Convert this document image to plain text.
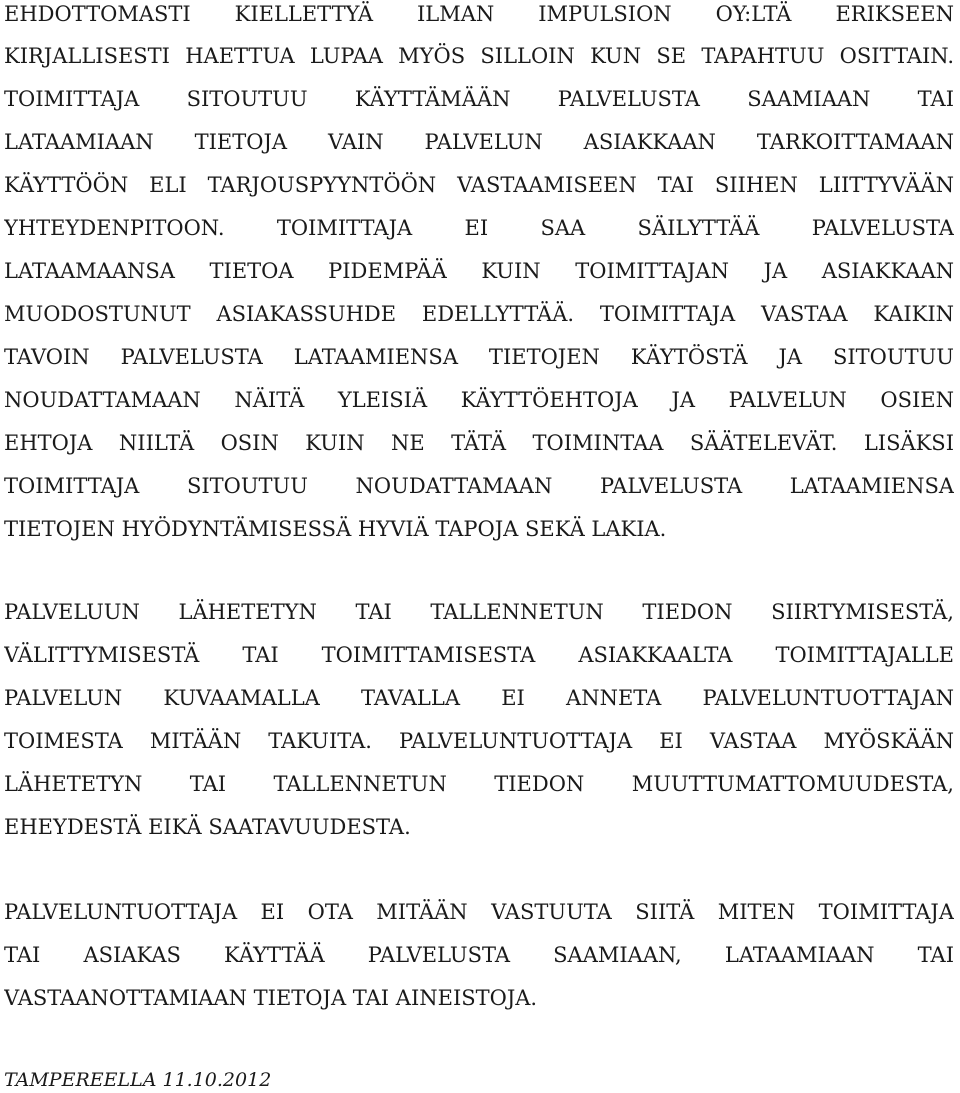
EHDOTTOMASTI KIELLETTYÄ ILMAN IMPULSION OY:LTÄ ERIKSEEN
KIRJALLISESTI HAETTUA LUPAA MYÖS SILLOIN KUN SE TAPAHTUU OSITTAIN.
TOIMITTAJA SITOUTUU KÄYTTÄMÄÄN PALVELUSTA SAAMIAAN TAI
LATAAMIAAN TIETOJA VAIN PALVELUN ASIAKKAAN TARKOITTAMAAN
KÄYTTÖÖN ELI TARJOUSPYYNTÖÖN VASTAAMISEEN TAI SIIHEN LIITTYVÄÄN
YHTEYDENPITOON. TOIMITTAJA EI SAA SÄILYTTÄÄ PALVELUSTA
LATAAMAANSA TIETOA PIDEMPÄÄ KUIN TOIMITTAJAN JA ASIAKKAAN
MUODOSTUNUT ASIAKASSUHDE EDELLYTTÄÄ. TOIMITTAJA VASTAA KAIKIN
TAVOIN PALVELUSTA LATAAMIENSA TIETOJEN KÄYTÖSTÄ JA SITOUTUU
NOUDATTAMAAN NÄITÄ YLEISIÄ KÄYTTÖEHTOJA JA PALVELUN OSIEN
EHTOJA NIILTÄ OSIN KUIN NE TÄTÄ TOIMINTAA SÄÄTELEVÄT. LISÄKSI
TOIMITTAJA SITOUTUU NOUDATTAMAAN PALVELUSTA LATAAMIENSA
TIETOJEN HYÖDYNTÄMISESSÄ HYVIÄ TAPOJA SEKÄ LAKIA.
PALVELUUN LÄHETETYN TAI TALLENNETUN TIEDON SIIRTYMISESTÄ,
VÄLITTYMISESTÄ TAI TOIMITTAMISESTA ASIAKKAALTA TOIMITTAJALLE
PALVELUN KUVAAMALLA TAVALLA EI ANNETA PALVELUNTUOTTAJAN
TOIMESTA MITÄÄN TAKUITA. PALVELUNTUOTTAJA EI VASTAA MYÖSKÄÄN
LÄHETETYN TAI TALLENNETUN TIEDON MUUTTUMATTOMUUDESTA,
EHEYDESTÄ EIKÄ SAATAVUUDESTA.
PALVELUNTUOTTAJA EI OTA MITÄÄN VASTUUTA SIITÄ MITEN TOIMITTAJA
TAI ASIAKAS KÄYTTÄÄ PALVELUSTA SAAMIAAN, LATAAMIAAN TAI
VASTAANOTTAMIAAN TIETOJA TAI AINEISTOJA.
TAMPEREELLA 11.10.2012
